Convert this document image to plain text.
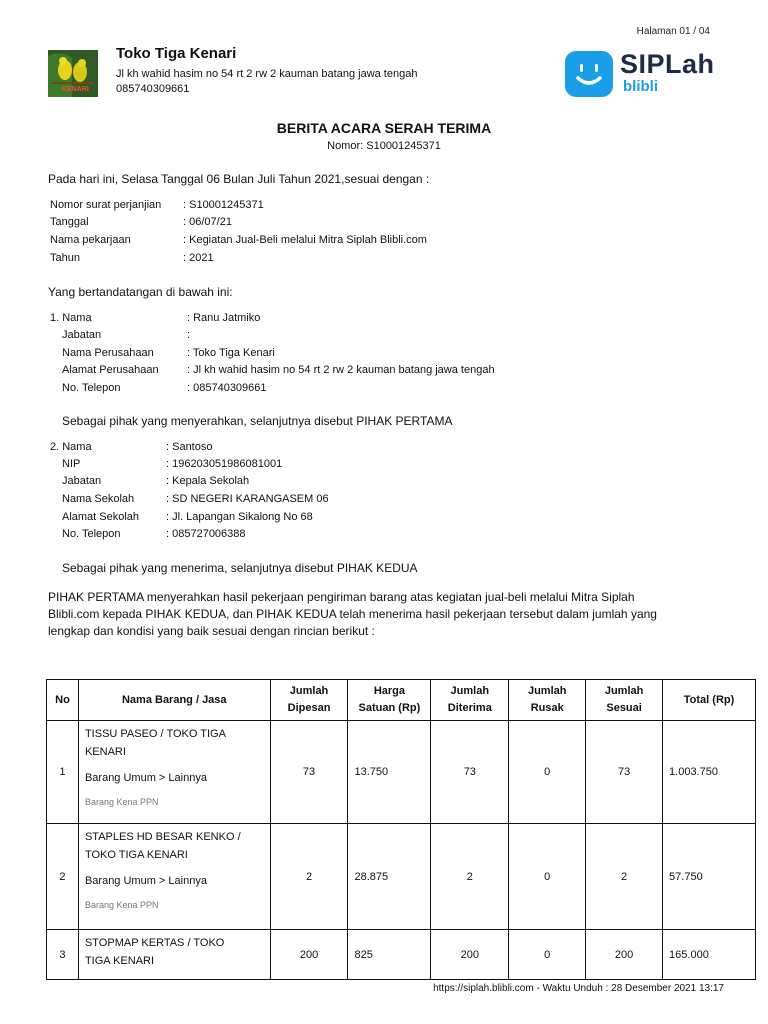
Halaman 01 / 04
KENARI
Toko Tiga Kenari
Jl kh wahid hasim no 54 rt 2 rw 2 kauman batang jawa tengah
085740309661
SIPLah
blibli
BERITA ACARA SERAH TERIMA
Nomor: S10001245371
Pada hari ini, Selasa Tanggal 06 Bulan Juli Tahun 2021,sesuai dengan :
Nomor surat perjanjian : S10001245371
Tanggal	: 06/07/21
Nama pekarjaan	: Kegiatan Jual-Beli melalui Mitra Siplah Blibli.com
Tahun	: 2021
Yang bertandatangan di bawah ini:
1. Nama	: Ranu Jatmiko
Jabatan	:
Nama Perusahaan	: Toko Tiga Kenari
Alamat Perusahaan	: Jl kh wahid hasim no 54 rt 2 rw 2 kauman batang jawa tengah
No. Telepon	: 085740309661
Sebagai pihak yang menyerahkan, selanjutnya disebut PIHAK PERTAMA
2. Nama	: Santoso
NIP	: 196203051986081001
Jabatan	: Kepala Sekolah
Nama Sekolah	: SD NEGERI KARANGASEM 06
Alamat Sekolah : Jl. Lapangan Sikalong No 68
No. Telepon	: 085727006388
Sebagai pihak yang menerima, selanjutnya disebut PIHAK KEDUA
PIHAK PERTAMA menyerahkan hasil pekerjaan pengiriman barang atas kegiatan jual-beli melalui Mitra Siplah
Blibli.com kepada PIHAK KEDUA, dan PIHAK KEDUA telah menerima hasil pekerjaan tersebut dalam jumlah yang
lengkap dan kondisi yang baik sesuai dengan rincian berikut :
No	Nama Barang / Jasa	Jumlah
Dipesan	Harga
Satuan (Rp)	Jumlah
Diterima	Jumlah
Rusak	Jumlah
Sesuai	Total (Rp)
1	TISSU PASEO / TOKO TIGA
KENARI
Barang Umum > Lainnya
Barang Kena PPN	73	13.750	73	0	73	1.003.750
2	STAPLES HD BESAR KENKO /
TOKO TIGA KENARI
Barang Umum > Lainnya
Barang Kena PPN	2	28.875	2	0	2	57.750
3	STOPMAP KERTAS / TOKO
TIGA KENARI	200	825	200	0	200	165.000
https://siplah.blibli.com - Waktu Unduh : 28 Desember 2021 13:17
